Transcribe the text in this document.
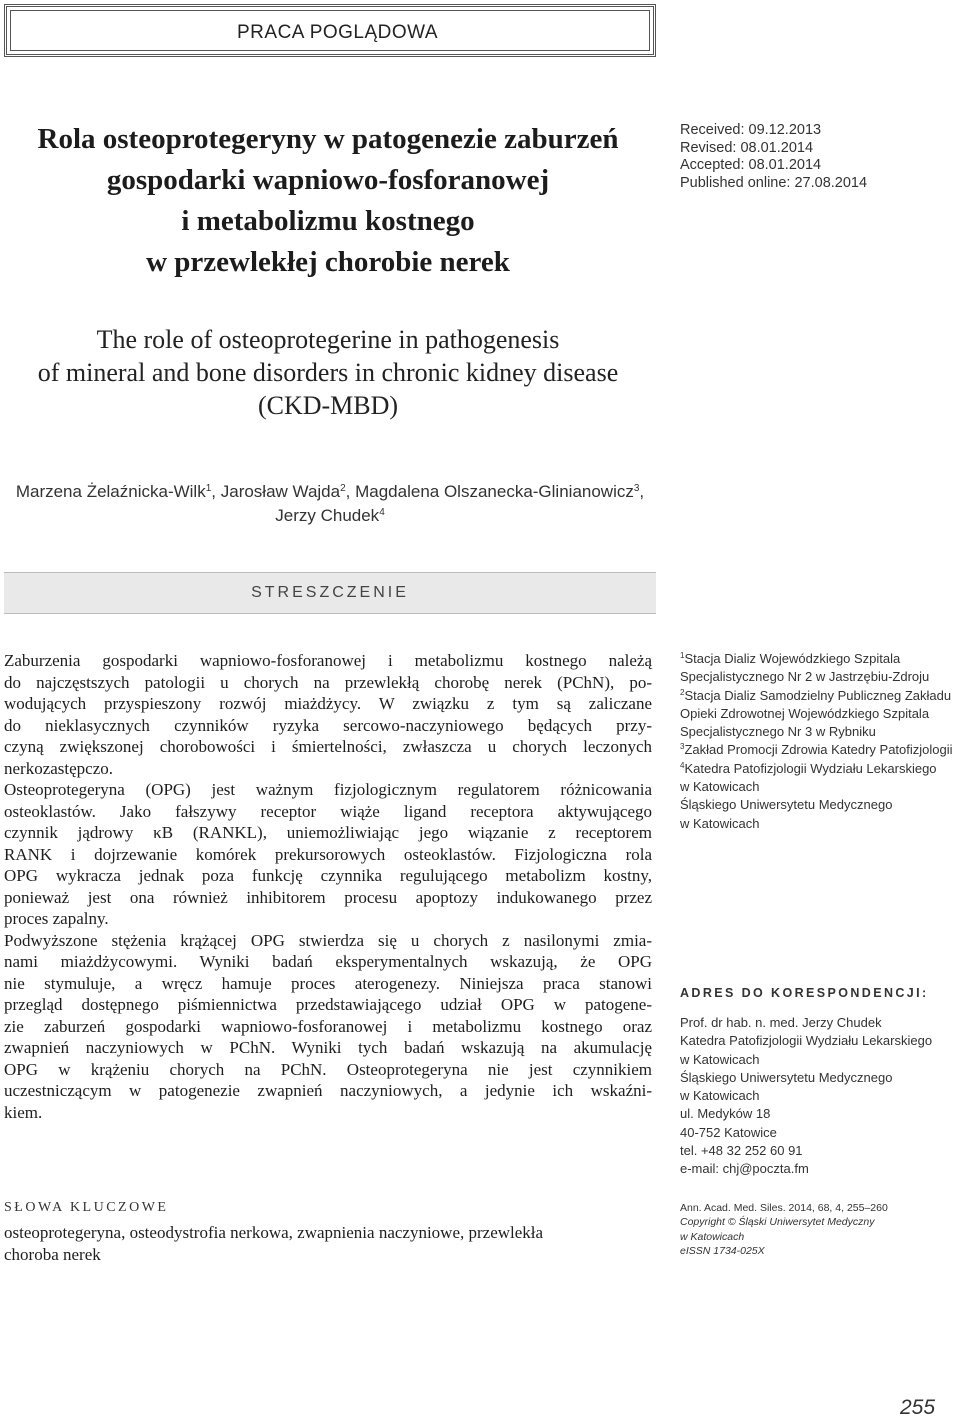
PRACA POGLĄDOWA
Rola osteoprotegeryny w patogenezie zaburzeń
gospodarki wapniowo-fosforanowej
i metabolizmu kostnego
w przewlekłej chorobie nerek
Received: 09.12.2013
Revised: 08.01.2014
Accepted: 08.01.2014
Published online: 27.08.2014
The role of osteoprotegerine in pathogenesis
of mineral and bone disorders in chronic kidney disease
(CKD-MBD)
Marzena Żelaźnicka-Wilk$^1$, Jarosław Wajda$^2$, Magdalena Olszanecka-Glinianowicz$^3$,
Jerzy Chudek$^4$
STRESZCZENIE
Zaburzenia gospodarki wapniowo-fosforanowej i metabolizmu kostnego należą
do najczęstszych patologii u chorych na przewlekłą chorobę nerek (PChN), po-
wodujących przyspieszony rozwój miażdżycy. W związku z tym są zaliczane
do nieklasycznych czynników ryzyka sercowo-naczyniowego będących przy-
czyną zwiększonej chorobowości i śmiertelności, zwłaszcza u chorych leczonych
nerkozastępczo.
Osteoprotegeryna (OPG) jest ważnym fizjologicznym regulatorem różnicowania
osteoklastów. Jako fałszywy receptor wiąże ligand receptora aktywującego
czynnik jądrowy κB (RANKL), uniemożliwiając jego wiązanie z receptorem
RANK i dojrzewanie komórek prekursorowych osteoklastów. Fizjologiczna rola
OPG wykracza jednak poza funkcję czynnika regulującego metabolizm kostny,
ponieważ jest ona również inhibitorem procesu apoptozy indukowanego przez
proces zapalny.
Podwyższone stężenia krążącej OPG stwierdza się u chorych z nasilonymi zmia-
nami miażdżycowymi. Wyniki badań eksperymentalnych wskazują, że OPG
nie stymuluje, a wręcz hamuje proces aterogenezy. Niniejsza praca stanowi
przegląd dostępnego piśmiennictwa przedstawiającego udział OPG w patogene-
zie zaburzeń gospodarki wapniowo-fosforanowej i metabolizmu kostnego oraz
zwapnień naczyniowych w PChN. Wyniki tych badań wskazują na akumulację
OPG w krążeniu chorych na PChN. Osteoprotegeryna nie jest czynnikiem
uczestniczącym w patogenezie zwapnień naczyniowych, a jedynie ich wskaźni-
kiem.
SŁOWA KLUCZOWE
osteoprotegeryna, osteodystrofia nerkowa, zwapnienia naczyniowe, przewlekła
choroba nerek
$^1$Stacja Dializ Wojewódzkiego Szpitala
Specjalistycznego Nr 2 w Jastrzębiu-Zdroju
$^2$Stacja Dializ Samodzielny Publiczneg Zakładu
Opieki Zdrowotnej Wojewódzkiego Szpitala
Specjalistycznego Nr 3 w Rybniku
$^3$Zakład Promocji Zdrowia Katedry Patofizjologii
$^4$Katedra Patofizjologii Wydziału Lekarskiego
w Katowicach
Śląskiego Uniwersytetu Medycznego
w Katowicach
ADRES DO KORESPONDENCJI:
Prof. dr hab. n. med. Jerzy Chudek
Katedra Patofizjologii Wydziału Lekarskiego
w Katowicach
Śląskiego Uniwersytetu Medycznego
w Katowicach
ul. Medyków 18
40-752 Katowice
tel. +48 32 252 60 91
e-mail: chj@poczta.fm
Ann. Acad. Med. Siles. 2014, 68, 4, 255–260
Copyright © Śląski Uniwersytet Medyczny
w Katowicach
eISSN 1734-025X
255
